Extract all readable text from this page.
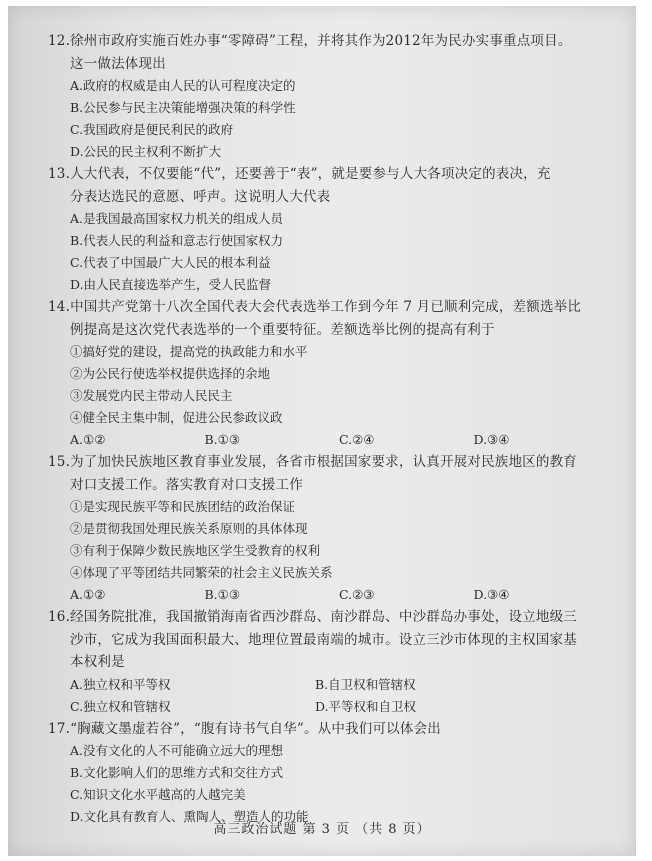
12.徐州市政府实施百姓办事“零障碍”工程，并将其作为2012年为民办实事重点项目。

这一做法体现出

A.政府的权威是由人民的认可程度决定的

B.公民参与民主决策能增强决策的科学性

C.我国政府是便民利民的政府

D.公民的民主权利不断扩大

13.人大代表，不仅要能“代”，还要善于“表”，就是要参与人大各项决定的表决，充

分表达选民的意愿、呼声。这说明人大代表

A.是我国最高国家权力机关的组成人员

B.代表人民的利益和意志行使国家权力

C.代表了中国最广大人民的根本利益

D.由人民直接选举产生，受人民监督

14.中国共产党第十八次全国代表大会代表选举工作到今年 7 月已顺利完成，差额选举比

例提高是这次党代表选举的一个重要特征。差额选举比例的提高有利于

①搞好党的建设，提高党的执政能力和水平

②为公民行使选举权提供选择的余地

③发展党内民主带动人民民主

④健全民主集中制，促进公民参政议政

A.①②	B.①③	C.②④	D.③④

15.为了加快民族地区教育事业发展，各省市根据国家要求，认真开展对民族地区的教育

对口支援工作。落实教育对口支援工作

①是实现民族平等和民族团结的政治保证

②是贯彻我国处理民族关系原则的具体体现

③有利于保障少数民族地区学生受教育的权利

④体现了平等团结共同繁荣的社会主义民族关系

A.①②	B.①③	C.②③	D.③④

16.经国务院批准，我国撤销海南省西沙群岛、南沙群岛、中沙群岛办事处，设立地级三

沙市，它成为我国面积最大、地理位置最南端的城市。设立三沙市体现的主权国家基

本权利是

A.独立权和平等权	B.自卫权和管辖权
C.独立权和管辖权	D.平等权和自卫权

17.“胸藏文墨虚若谷”，“腹有诗书气自华”。从中我们可以体会出

A.没有文化的人不可能确立远大的理想

B.文化影响人们的思维方式和交往方式

C.知识文化水平越高的人越完美

D.文化具有教育人、熏陶人、塑造人的功能

高三政治试题 第 3 页 （共 8 页）
